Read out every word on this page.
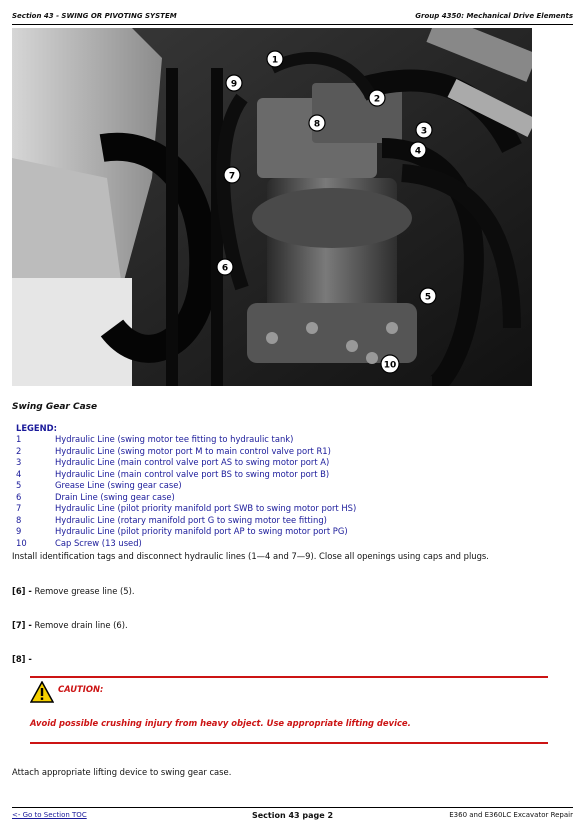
Section 43 - SWING OR PIVOTING SYSTEM	Group 4350: Mechanical Drive Elements
1
2
3
4
5
6
7
8
9
10
Swing Gear Case
LEGEND:
1	Hydraulic Line (swing motor tee fitting to hydraulic tank)
2	Hydraulic Line (swing motor port M to main control valve port R1)
3	Hydraulic Line (main control valve port AS to swing motor port A)
4	Hydraulic Line (main control valve port BS to swing motor port B)
5	Grease Line (swing gear case)
6	Drain Line (swing gear case)
7	Hydraulic Line (pilot priority manifold port SWB to swing motor port HS)
8	Hydraulic Line (rotary manifold port G to swing motor tee fitting)
9	Hydraulic Line (pilot priority manifold port AP to swing motor port PG)
10	Cap Screw (13 used)
Install identification tags and disconnect hydraulic lines (1—4 and 7—9). Close all openings using caps and plugs.
[6] - Remove grease line (5).
[7] - Remove drain line (6).
[8] -
CAUTION:
Avoid possible crushing injury from heavy object. Use appropriate lifting device.
Attach appropriate lifting device to swing gear case.
<- Go to Section TOC	Section 43 page 2	E360 and E360LC Excavator Repair
